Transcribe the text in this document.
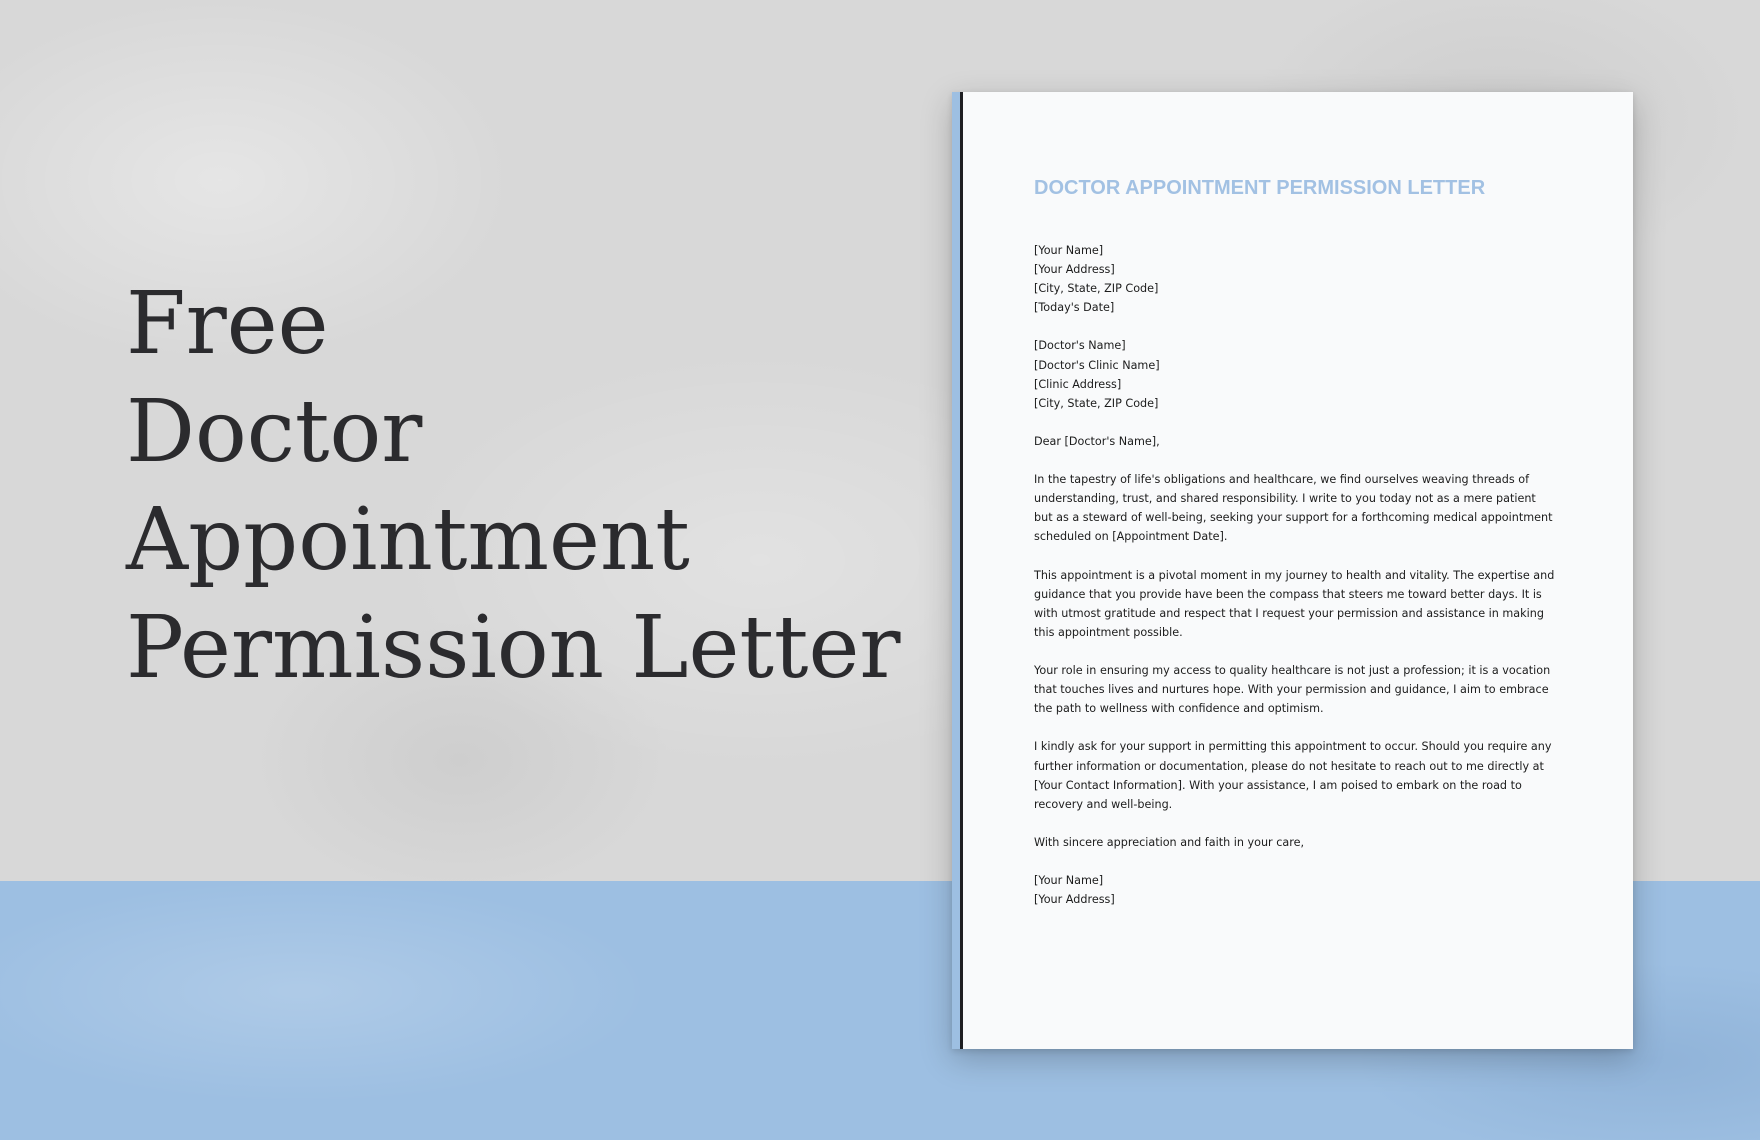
Free
Doctor
Appointment
Permission Letter
DOCTOR APPOINTMENT PERMISSION LETTER
[Your Name]
[Your Address]
[City, State, ZIP Code]
[Today's Date]
[Doctor's Name]
[Doctor's Clinic Name]
[Clinic Address]
[City, State, ZIP Code]
Dear [Doctor's Name],
In the tapestry of life's obligations and healthcare, we find ourselves weaving threads of
understanding, trust, and shared responsibility. I write to you today not as a mere patient
but as a steward of well-being, seeking your support for a forthcoming medical appointment
scheduled on [Appointment Date].
This appointment is a pivotal moment in my journey to health and vitality. The expertise and
guidance that you provide have been the compass that steers me toward better days. It is
with utmost gratitude and respect that I request your permission and assistance in making
this appointment possible.
Your role in ensuring my access to quality healthcare is not just a profession; it is a vocation
that touches lives and nurtures hope. With your permission and guidance, I aim to embrace
the path to wellness with confidence and optimism.
I kindly ask for your support in permitting this appointment to occur. Should you require any
further information or documentation, please do not hesitate to reach out to me directly at
[Your Contact Information]. With your assistance, I am poised to embark on the road to
recovery and well-being.
With sincere appreciation and faith in your care,
[Your Name]
[Your Address]
